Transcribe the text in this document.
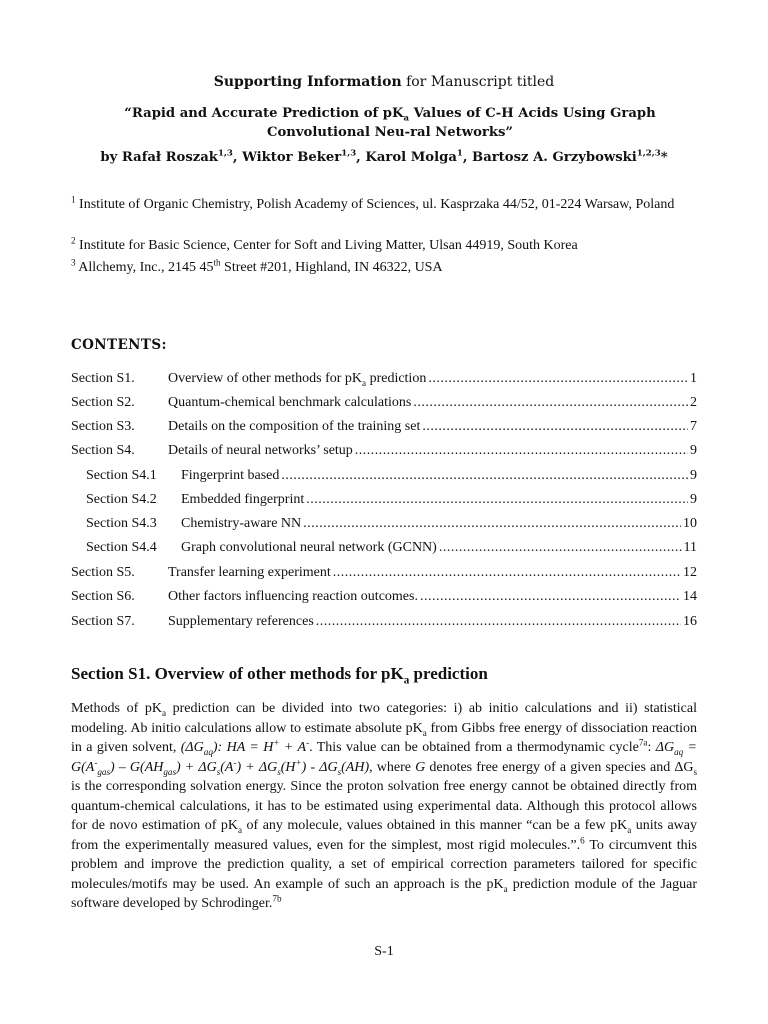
Supporting Information for Manuscript titled
“Rapid and Accurate Prediction of $pK_a$ Values of C-H Acids Using Graph Convolutional Neu-ral Networks”
by Rafał Roszak$^{1,3}$, Wiktor Beker$^{1,3}$, Karol Molga$^1$, Bartosz A. Grzybowski$^{1,2,3}$*
$^1$ Institute of Organic Chemistry, Polish Academy of Sciences, ul. Kasprzaka 44/52, 01-224 Warsaw, Poland
$^2$ Institute for Basic Science, Center for Soft and Living Matter, Ulsan 44919, South Korea
$^3$ Allchemy, Inc., 2145 45th Street #201, Highland, IN 46322, USA
CONTENTS:
Section S1.	Overview of other methods for $pK_a$ prediction .....	1
Section S2.	Quantum-chemical benchmark calculations .....	2
Section S3.	Details on the composition of the training set .....	7
Section S4.	Details of neural networks’ setup .....	9
Section S4.1	Fingerprint based .....	9
Section S4.2	Embedded fingerprint .....	9
Section S4.3	Chemistry-aware NN .....	10
Section S4.4	Graph convolutional neural network (GCNN) .....	11
Section S5.	Transfer learning experiment .....	12
Section S6.	Other factors influencing reaction outcomes. .....	14
Section S7.	Supplementary references .....	16
Section S1. Overview of other methods for $pK_a$ prediction

Methods of $pK_a$ prediction can be divided into two categories: i) ab initio calculations and ii) statistical modeling. Ab initio calculations allow to estimate absolute $pK_a$ from Gibbs free energy of dissociation reaction in a given solvent, $(\Delta G_{aq})$: HA = H+ + A-. This value can be obtained from a thermodynamic cycle$^{7a}$: $\Delta G_{aq} = G(A^-_{gas}) - G(AH_{gas}) + \Delta G_s(A^-) + \Delta G_s(H^+) - \Delta G_s(AH)$, where G denotes free energy of a given species and $\Delta G_s$ is the corresponding solvation energy. Since the proton solvation free energy cannot be obtained directly from quantum-chemical calculations, it has to be estimated using experimental data. Although this protocol allows for de novo estimation of $pK_a$ of any molecule, values obtained in this manner “can be a few $pK_a$ units away from the experimentally measured values, even for the simplest, most rigid molecules.”.$^6$ To circumvent this problem and improve the prediction quality, a set of empirical correction parameters tailored for specific molecules/motifs may be used. An example of such an approach is the $pK_a$ prediction module of the Jaguar software developed by Schrodinger.$^{7b}$

S-1
